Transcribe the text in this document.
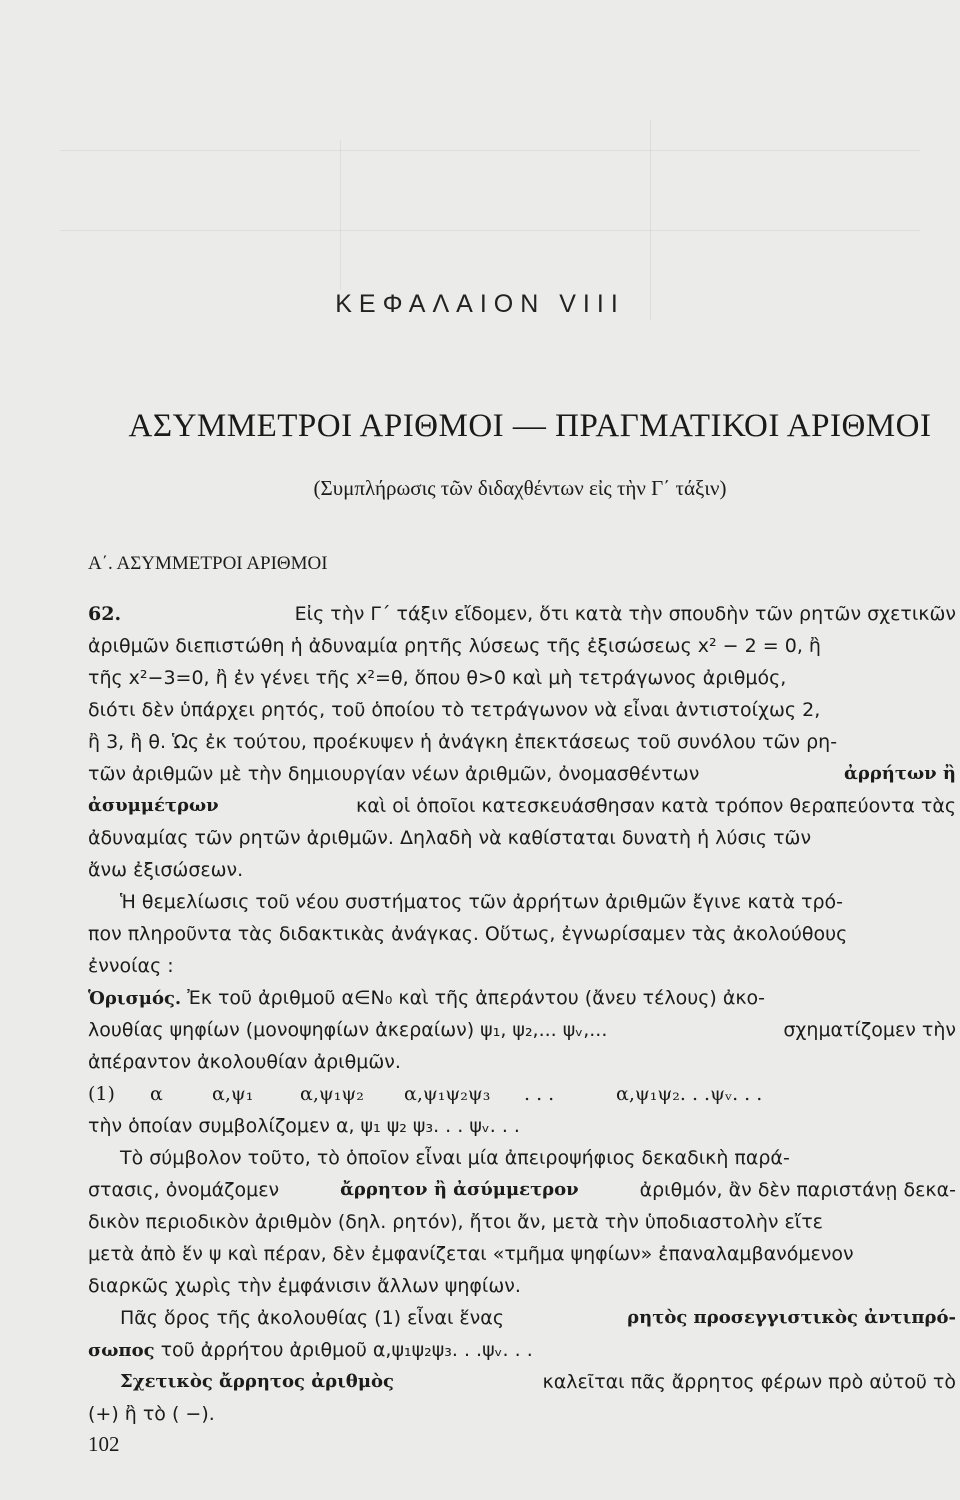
ΚΕΦΑΛΑΙΟΝ VIII
ΑΣΥΜΜΕΤΡΟΙ ΑΡΙΘΜΟΙ — ΠΡΑΓΜΑΤΙΚΟΙ ΑΡΙΘΜΟΙ
(Συμπλήρωσις τῶν διδαχθέντων εἰς τὴν Γ΄ τάξιν)
Α΄. ΑΣΥΜΜΕΤΡΟΙ ΑΡΙΘΜΟΙ
62.	Εἰς τὴν Γ΄ τάξιν εἴδομεν, ὅτι κατὰ τὴν σπουδὴν τῶν ρητῶν σχετικῶν
ἀριθμῶν διεπιστώθη ἡ ἀδυναμία ρητῆς λύσεως τῆς ἐξισώσεως x² − 2 = 0, ἢ
τῆς x²−3=0, ἢ ἐν γένει τῆς x²=θ, ὅπου θ>0 καὶ μὴ τετράγωνος ἀριθμός,
διότι δὲν ὑπάρχει ρητός, τοῦ ὁποίου τὸ τετράγωνον νὰ εἶναι ἀντιστοίχως 2,
ἢ 3, ἢ θ. Ὡς ἐκ τούτου, προέκυψεν ἡ ἀνάγκη ἐπεκτάσεως τοῦ συνόλου τῶν ρη-
τῶν ἀριθμῶν μὲ τὴν δημιουργίαν νέων ἀριθμῶν, ὀνομασθέντων	ἀρρήτων ἢ
ἀσυμμέτρων	καὶ οἱ ὁποῖοι κατεσκευάσθησαν κατὰ τρόπον θεραπεύοντα τὰς
ἀδυναμίας τῶν ρητῶν ἀριθμῶν. Δηλαδὴ νὰ καθίσταται δυνατὴ ἡ λύσις τῶν
ἄνω ἐξισώσεων.
Ἡ θεμελίωσις τοῦ νέου συστήματος τῶν ἀρρήτων ἀριθμῶν ἔγινε κατὰ τρό-
πον πληροῦντα τὰς διδακτικὰς ἀνάγκας. Οὕτως, ἐγνωρίσαμεν τὰς ἀκολούθους
ἐννοίας :
Ὁρισμός. Ἐκ τοῦ ἀριθμοῦ α∈N₀ καὶ τῆς ἀπεράντου (ἄνευ τέλους) ἀκο-
λουθίας ψηφίων (μονοψηφίων ἀκεραίων) ψ₁, ψ₂,... ψᵥ,...	σχηματίζομεν τὴν
ἀπέραντον ἀκολουθίαν ἀριθμῶν.
(1)	α	α,ψ₁	α,ψ₁ψ₂	α,ψ₁ψ₂ψ₃	. . .	α,ψ₁ψ₂. . .ψᵥ. . .
τὴν ὁποίαν συμβολίζομεν α, ψ₁ ψ₂ ψ₃. . . ψᵥ. . .
Τὸ σύμβολον τοῦτο, τὸ ὁποῖον εἶναι μία ἀπειροψήφιος δεκαδικὴ παρά-
στασις, ὀνομάζομεν	ἄρρητον ἢ ἀσύμμετρον	ἀριθμόν, ἂν δὲν παριστάνῃ δεκα-
δικὸν περιοδικὸν ἀριθμὸν (δηλ. ρητόν), ἤτοι ἄν, μετὰ τὴν ὑποδιαστολὴν εἴτε
μετὰ ἀπὸ ἕν ψ καὶ πέραν, δὲν ἐμφανίζεται «τμῆμα ψηφίων» ἐπαναλαμβανόμενον
διαρκῶς χωρὶς τὴν ἐμφάνισιν ἄλλων ψηφίων.
Πᾶς ὅρος τῆς ἀκολουθίας (1) εἶναι ἕνας	ρητὸς προσεγγιστικὸς ἀντιπρό-
σωπος τοῦ ἀρρήτου ἀριθμοῦ α,ψ₁ψ₂ψ₃. . .ψᵥ. . .
Σχετικὸς ἄρρητος ἀριθμὸς	καλεῖται πᾶς ἄρρητος φέρων πρὸ αὐτοῦ τὸ
(+) ἢ τὸ ( −).
102
